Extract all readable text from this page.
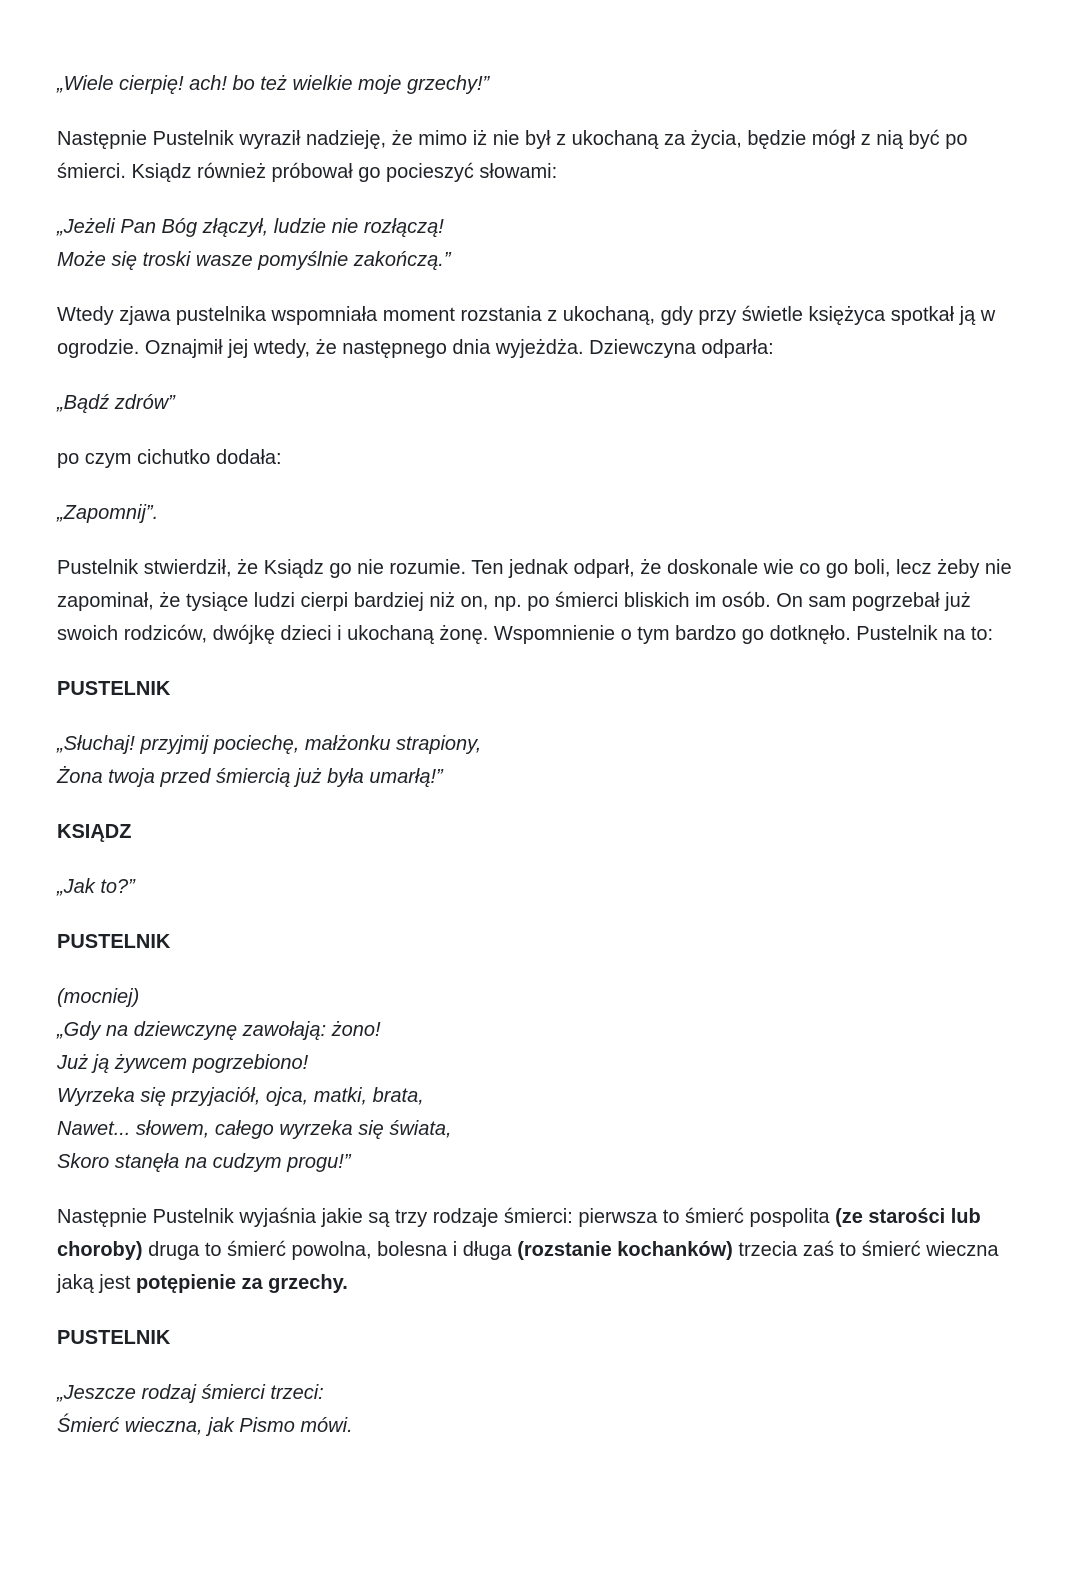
„Wiele cierpię! ach! bo też wielkie moje grzechy!”

Następnie Pustelnik wyraził nadzieję, że mimo iż nie był z ukochaną za życia, będzie mógł z nią być po śmierci. Ksiądz również próbował go pocieszyć słowami:

„Jeżeli Pan Bóg złączył, ludzie nie rozłączą!
Może się troski wasze pomyślnie zakończą.”

Wtedy zjawa pustelnika wspomniała moment rozstania z ukochaną, gdy przy świetle księżyca spotkał ją w ogrodzie. Oznajmił jej wtedy, że następnego dnia wyjeżdża. Dziewczyna odparła:

„Bądź zdrów”

po czym cichutko dodała:

„Zapomnij”.

Pustelnik stwierdził, że Ksiądz go nie rozumie. Ten jednak odparł, że doskonale wie co go boli, lecz żeby nie zapominał, że tysiące ludzi cierpi bardziej niż on, np. po śmierci bliskich im osób. On sam pogrzebał już swoich rodziców, dwójkę dzieci i ukochaną żonę. Wspomnienie o tym bardzo go dotknęło. Pustelnik na to:

PUSTELNIK

„Słuchaj! przyjmij pociechę, małżonku strapiony,
Żona twoja przed śmiercią już była umarłą!”

KSIĄDZ

„Jak to?”

PUSTELNIK

(mocniej)
„Gdy na dziewczynę zawołają: żono!
Już ją żywcem pogrzebiono!
Wyrzeka się przyjaciół, ojca, matki, brata,
Nawet... słowem, całego wyrzeka się świata,
Skoro stanęła na cudzym progu!”

Następnie Pustelnik wyjaśnia jakie są trzy rodzaje śmierci: pierwsza to śmierć pospolita (ze starości lub choroby) druga to śmierć powolna, bolesna i długa (rozstanie kochanków) trzecia zaś to śmierć wieczna jaką jest potępienie za grzechy.

PUSTELNIK

„Jeszcze rodzaj śmierci trzeci:
Śmierć wieczna, jak Pismo mówi.
